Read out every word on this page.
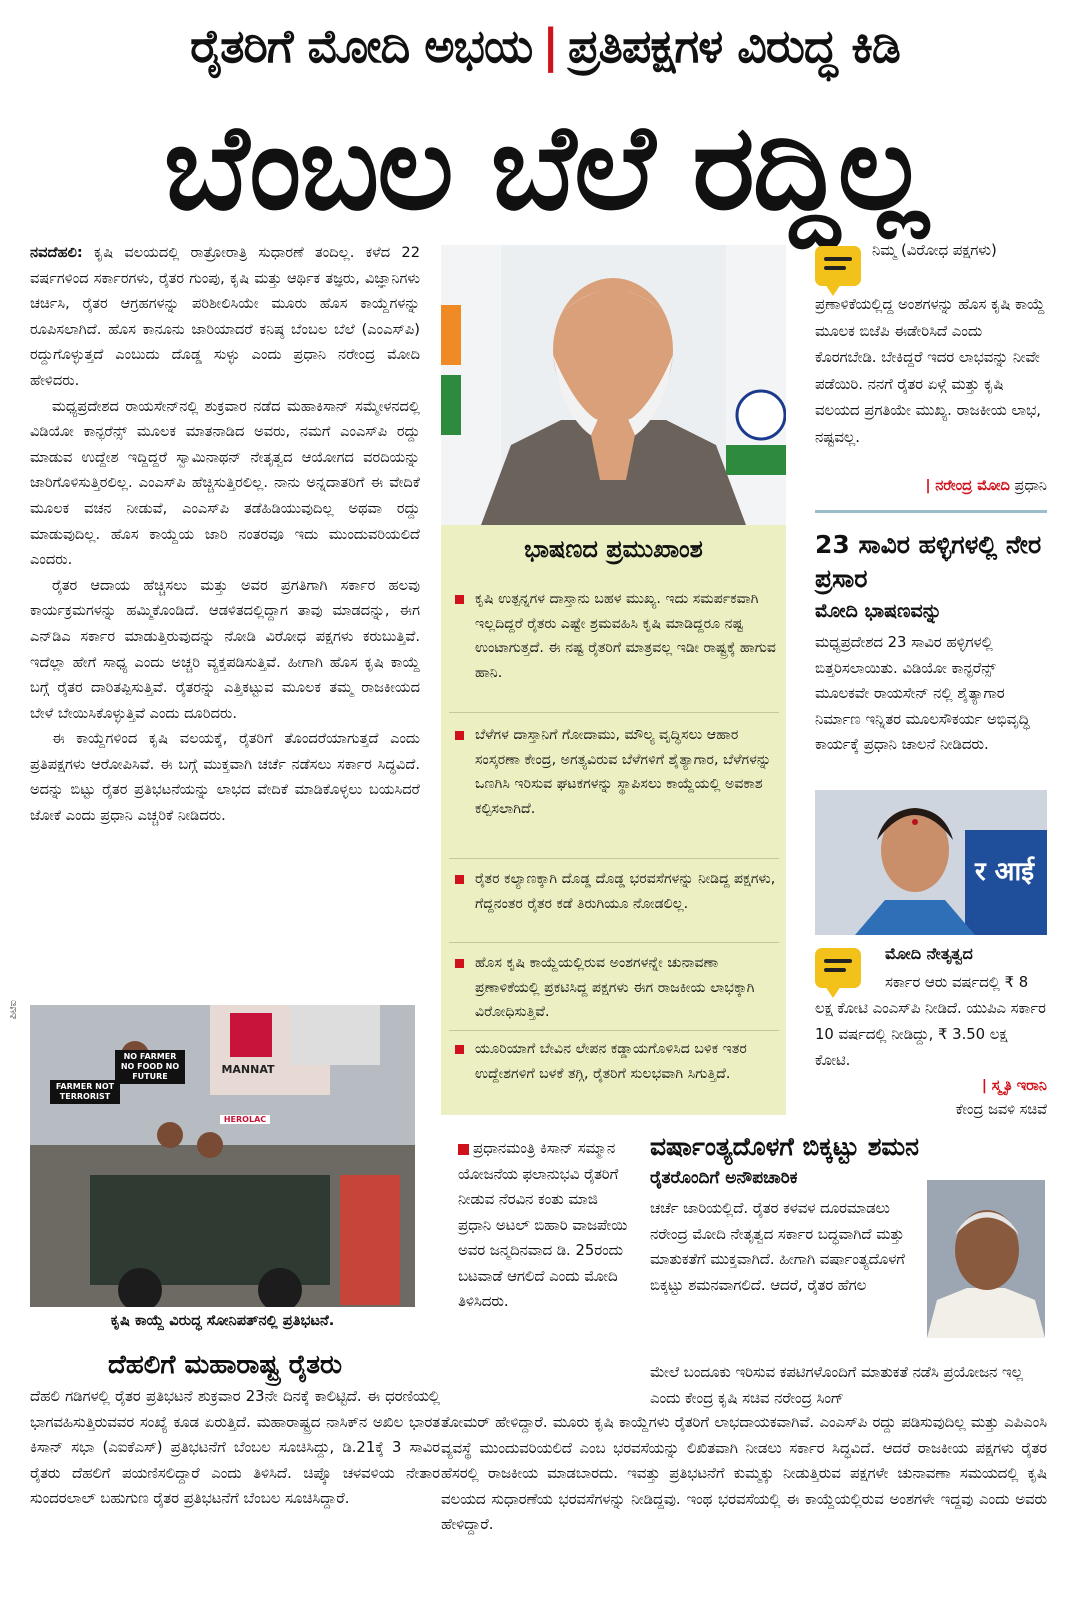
ರೈತರಿಗೆ ಮೋದಿ ಅಭಯ | ಪ್ರತಿಪಕ್ಷಗಳ ವಿರುದ್ಧ ಕಿಡಿ
ಬೆಂಬಲ ಬೆಲೆ ರದ್ದಿಲ್ಲ

ನವದೆಹಲಿ: ಕೃಷಿ ವಲಯದಲ್ಲಿ ರಾತ್ರೋರಾತ್ರಿ ಸುಧಾರಣೆ ತಂದಿಲ್ಲ. ಕಳೆದ 22 ವರ್ಷಗಳಿಂದ ಸರ್ಕಾರಗಳು, ರೈತರ ಗುಂಪು, ಕೃಷಿ ಮತ್ತು ಆರ್ಥಿಕ ತಜ್ಞರು, ವಿಜ್ಞಾನಿಗಳು ಚರ್ಚಿಸಿ, ರೈತರ ಆಗ್ರಹಗಳನ್ನು ಪರಿಶೀಲಿಸಿಯೇ ಮೂರು ಹೊಸ ಕಾಯ್ದೆಗಳನ್ನು ರೂಪಿಸಲಾಗಿದೆ. ಹೊಸ ಕಾನೂನು ಜಾರಿಯಾದರೆ ಕನಿಷ್ಠ ಬೆಂಬಲ ಬೆಲೆ (ಎಂಎಸ್‌ಪಿ) ರದ್ದುಗೊಳ್ಳುತ್ತದೆ ಎಂಬುದು ದೊಡ್ಡ ಸುಳ್ಳು ಎಂದು ಪ್ರಧಾನಿ ನರೇಂದ್ರ ಮೋದಿ ಹೇಳಿದರು.

ಮಧ್ಯಪ್ರದೇಶದ ರಾಯಸೇನ್‌ನಲ್ಲಿ ಶುಕ್ರವಾರ ನಡೆದ ಮಹಾಕಿಸಾನ್ ಸಮ್ಮೇಳನದಲ್ಲಿ ವಿಡಿಯೋ ಕಾನ್ಫರೆನ್ಸ್ ಮೂಲಕ ಮಾತನಾಡಿದ ಅವರು, ನಮಗೆ ಎಂಎಸ್‌ಪಿ ರದ್ದು ಮಾಡುವ ಉದ್ದೇಶ ಇದ್ದಿದ್ದರೆ ಸ್ವಾಮಿನಾಥನ್ ನೇತೃತ್ವದ ಆಯೋಗದ ವರದಿಯನ್ನು ಜಾರಿಗೊಳಿಸುತ್ತಿರಲಿಲ್ಲ. ಎಂಎಸ್‌ಪಿ ಹೆಚ್ಚಿಸುತ್ತಿರಲಿಲ್ಲ. ನಾನು ಅನ್ನದಾತರಿಗೆ ಈ ವೇದಿಕೆ ಮೂಲಕ ವಚನ ನೀಡುವೆ, ಎಂಎಸ್‌ಪಿ ತಡೆಹಿಡಿಯುವುದಿಲ್ಲ ಅಥವಾ ರದ್ದು ಮಾಡುವುದಿಲ್ಲ. ಹೊಸ ಕಾಯ್ದೆಯ ಜಾರಿ ನಂತರವೂ ಇದು ಮುಂದುವರಿಯಲಿದೆ ಎಂದರು.

ರೈತರ ಆದಾಯ ಹೆಚ್ಚಿಸಲು ಮತ್ತು ಅವರ ಪ್ರಗತಿಗಾಗಿ ಸರ್ಕಾರ ಹಲವು ಕಾರ್ಯಕ್ರಮಗಳನ್ನು ಹಮ್ಮಿಕೊಂಡಿದೆ. ಆಡಳಿತದಲ್ಲಿದ್ದಾಗ ತಾವು ಮಾಡದನ್ನು, ಈಗ ಎನ್‌ಡಿಎ ಸರ್ಕಾರ ಮಾಡುತ್ತಿರುವುದನ್ನು ನೋಡಿ ವಿರೋಧ ಪಕ್ಷಗಳು ಕರುಬುತ್ತಿವೆ. ಇದೆಲ್ಲಾ ಹೇಗೆ ಸಾಧ್ಯ ಎಂದು ಅಚ್ಚರಿ ವ್ಯಕ್ತಪಡಿಸುತ್ತಿವೆ. ಹೀಗಾಗಿ ಹೊಸ ಕೃಷಿ ಕಾಯ್ದೆ ಬಗ್ಗೆ ರೈತರ ದಾರಿತಪ್ಪಿಸುತ್ತಿವೆ. ರೈತರನ್ನು ಎತ್ತಿಕಟ್ಟುವ ಮೂಲಕ ತಮ್ಮ ರಾಜಕೀಯದ ಬೇಳೆ ಬೇಯಿಸಿಕೊಳ್ಳುತ್ತಿವೆ ಎಂದು ದೂರಿದರು.

ಈ ಕಾಯ್ದೆಗಳಿಂದ ಕೃಷಿ ವಲಯಕ್ಕೆ, ರೈತರಿಗೆ ತೊಂದರೆಯಾಗುತ್ತದೆ ಎಂದು ಪ್ರತಿಪಕ್ಷಗಳು ಆರೋಪಿಸಿವೆ. ಈ ಬಗ್ಗೆ ಮುಕ್ತವಾಗಿ ಚರ್ಚೆ ನಡೆಸಲು ಸರ್ಕಾರ ಸಿದ್ಧವಿದೆ. ಅದನ್ನು ಬಿಟ್ಟು ರೈತರ ಪ್ರತಿಭಟನೆಯನ್ನು ಲಾಭದ ವೇದಿಕೆ ಮಾಡಿಕೊಳ್ಳಲು ಬಯಸಿದರೆ ಜೋಕೆ ಎಂದು ಪ್ರಧಾನಿ ಎಚ್ಚರಿಕೆ ನೀಡಿದರು.

ಪಿಟಿಐ
NO FARMER NO FOOD NO FUTURE
FARMER NOT TERRORIST
MANNAT
HEROLAC
ಕೃಷಿ ಕಾಯ್ದೆ ವಿರುದ್ಧ ಸೋನಿಪತ್‌ನಲ್ಲಿ ಪ್ರತಿಭಟನೆ.
ದೆಹಲಿಗೆ ಮಹಾರಾಷ್ಟ್ರ ರೈತರು
ದೆಹಲಿ ಗಡಿಗಳಲ್ಲಿ ರೈತರ ಪ್ರತಿಭಟನೆ ಶುಕ್ರವಾರ 23ನೇ ದಿನಕ್ಕೆ ಕಾಲಿಟ್ಟಿದೆ. ಈ ಧರಣಿಯಲ್ಲಿ ಭಾಗವಹಿಸುತ್ತಿರುವವರ ಸಂಖ್ಯೆ ಕೂಡ ಏರುತ್ತಿದೆ. ಮಹಾರಾಷ್ಟ್ರದ ನಾಸಿಕ್‌ನ ಅಖಿಲ ಭಾರತ ಕಿಸಾನ್ ಸಭಾ (ಎಐಕೆಎಸ್) ಪ್ರತಿಭಟನೆಗೆ ಬೆಂಬಲ ಸೂಚಿಸಿದ್ದು, ಡಿ.21ಕ್ಕೆ 3 ಸಾವಿರ ರೈತರು ದೆಹಲಿಗೆ ಪಯಣಿಸಲಿದ್ದಾರೆ ಎಂದು ತಿಳಿಸಿದೆ. ಚಿಪ್ಕೊ ಚಳವಳಿಯ ನೇತಾರ ಸುಂದರಲಾಲ್ ಬಹುಗುಣ ರೈತರ ಪ್ರತಿಭಟನೆಗೆ ಬೆಂಬಲ ಸೂಚಿಸಿದ್ದಾರೆ.
ಭಾಷಣದ ಪ್ರಮುಖಾಂಶ
ಕೃಷಿ ಉತ್ಪನ್ನಗಳ ದಾಸ್ತಾನು ಬಹಳ ಮುಖ್ಯ. ಇದು ಸಮರ್ಪಕವಾಗಿ ಇಲ್ಲದಿದ್ದರೆ ರೈತರು ಎಷ್ಟೇ ಶ್ರಮವಹಿಸಿ ಕೃಷಿ ಮಾಡಿದ್ದರೂ ನಷ್ಟ ಉಂಟಾಗುತ್ತದೆ. ಈ ನಷ್ಟ ರೈತರಿಗೆ ಮಾತ್ರವಲ್ಲ ಇಡೀ ರಾಷ್ಟ್ರಕ್ಕೆ ಹಾಗುವ ಹಾನಿ.
ಬೆಳೆಗಳ ದಾಸ್ತಾನಿಗೆ ಗೋದಾಮು, ಮೌಲ್ಯ ವೃದ್ಧಿಸಲು ಆಹಾರ ಸಂಸ್ಕರಣಾ ಕೇಂದ್ರ, ಅಗತ್ಯವಿರುವ ಬೆಳೆಗಳಿಗೆ ಶೈತ್ಯಾಗಾರ, ಬೆಳೆಗಳನ್ನು ಒಣಗಿಸಿ ಇರಿಸುವ ಘಟಕಗಳನ್ನು ಸ್ಥಾಪಿಸಲು ಕಾಯ್ದೆಯಲ್ಲಿ ಅವಕಾಶ ಕಲ್ಪಿಸಲಾಗಿದೆ.
ರೈತರ ಕಲ್ಯಾಣಕ್ಕಾಗಿ ದೊಡ್ಡ ದೊಡ್ಡ ಭರವಸೆಗಳನ್ನು ನೀಡಿದ್ದ ಪಕ್ಷಗಳು, ಗೆದ್ದನಂತರ ರೈತರ ಕಡೆ ತಿರುಗಿಯೂ ನೋಡಲಿಲ್ಲ.
ಹೊಸ ಕೃಷಿ ಕಾಯ್ದೆಯಲ್ಲಿರುವ ಅಂಶಗಳನ್ನೇ ಚುನಾವಣಾ ಪ್ರಣಾಳಿಕೆಯಲ್ಲಿ ಪ್ರಕಟಿಸಿದ್ದ ಪಕ್ಷಗಳು ಈಗ ರಾಜಕೀಯ ಲಾಭಕ್ಕಾಗಿ ವಿರೋಧಿಸುತ್ತಿವೆ.
ಯೂರಿಯಾಗೆ ಬೇವಿನ ಲೇಪನ ಕಡ್ಡಾಯಗೊಳಿಸಿದ ಬಳಿಕ ಇತರ ಉದ್ದೇಶಗಳಿಗೆ ಬಳಕೆ ತಗ್ಗಿ, ರೈತರಿಗೆ ಸುಲಭವಾಗಿ ಸಿಗುತ್ತಿದೆ.
ಪ್ರಧಾನಮಂತ್ರಿ ಕಿಸಾನ್ ಸಮ್ಮಾನ ಯೋಜನೆಯ ಫಲಾನುಭವಿ ರೈತರಿಗೆ ನೀಡುವ ನೆರವಿನ ಕಂತು ಮಾಜಿ ಪ್ರಧಾನಿ ಅಟಲ್ ಬಿಹಾರಿ ವಾಜಪೇಯಿ ಅವರ ಜನ್ಮದಿನವಾದ ಡಿ. 25ರಂದು ಬಟವಾಡೆ ಆಗಲಿದೆ ಎಂದು ಮೋದಿ ತಿಳಿಸಿದರು.
ನಿಮ್ಮ (ವಿರೋಧ ಪಕ್ಷಗಳು)
ಪ್ರಣಾಳಿಕೆಯಲ್ಲಿದ್ದ ಅಂಶಗಳನ್ನು ಹೊಸ ಕೃಷಿ ಕಾಯ್ದೆ ಮೂಲಕ ಬಿಜೆಪಿ ಈಡೇರಿಸಿದೆ ಎಂದು ಕೊರಗಬೇಡಿ. ಬೇಕಿದ್ದರೆ ಇದರ ಲಾಭವನ್ನು ನೀವೇ ಪಡೆಯಿರಿ. ನನಗೆ ರೈತರ ಏಳ್ಗೆ ಮತ್ತು ಕೃಷಿ ವಲಯದ ಪ್ರಗತಿಯೇ ಮುಖ್ಯ. ರಾಜಕೀಯ ಲಾಭ, ನಷ್ಟವಲ್ಲ.
| ನರೇಂದ್ರ ಮೋದಿ ಪ್ರಧಾನಿ
23 ಸಾವಿರ ಹಳ್ಳಿಗಳಲ್ಲಿ ನೇರ ಪ್ರಸಾರ
ಮೋದಿ ಭಾಷಣವನ್ನು
ಮಧ್ಯಪ್ರದೇಶದ 23 ಸಾವಿರ ಹಳ್ಳಿಗಳಲ್ಲಿ ಬಿತ್ತರಿಸಲಾಯಿತು. ವಿಡಿಯೋ ಕಾನ್ಫರೆನ್ಸ್ ಮೂಲಕವೇ ರಾಯಸೇನ್ ನಲ್ಲಿ ಶೈತ್ಯಾಗಾರ ನಿರ್ಮಾಣ ಇನ್ನಿತರ ಮೂಲಸೌಕರ್ಯ ಅಭಿವೃದ್ಧಿ ಕಾರ್ಯಕ್ಕೆ ಪ್ರಧಾನಿ ಚಾಲನೆ ನೀಡಿದರು.
र आई
ಮೋದಿ ನೇತೃತ್ವದ
ಸರ್ಕಾರ ಆರು ವರ್ಷದಲ್ಲಿ ₹ 8 ಲಕ್ಷ ಕೋಟಿ ಎಂಎಸ್‌ಪಿ ನೀಡಿದೆ. ಯುಪಿಎ ಸರ್ಕಾರ 10 ವರ್ಷದಲ್ಲಿ ನೀಡಿದ್ದು, ₹ 3.50 ಲಕ್ಷ ಕೋಟಿ.
| ಸ್ಮೃತಿ ಇರಾನಿ
ಕೇಂದ್ರ ಜವಳಿ ಸಚಿವೆ
ವರ್ಷಾಂತ್ಯದೊಳಗೆ ಬಿಕ್ಕಟ್ಟು ಶಮನ
ರೈತರೊಂದಿಗೆ ಅನೌಪಚಾರಿಕ
ಚರ್ಚೆ ಜಾರಿಯಲ್ಲಿದೆ. ರೈತರ ಕಳವಳ ದೂರಮಾಡಲು ನರೇಂದ್ರ ಮೋದಿ ನೇತೃತ್ವದ ಸರ್ಕಾರ ಬದ್ಧವಾಗಿದೆ ಮತ್ತು ಮಾತುಕತೆಗೆ ಮುಕ್ತವಾಗಿದೆ. ಹೀಗಾಗಿ ವರ್ಷಾಂತ್ಯದೊಳಗೆ ಬಿಕ್ಕಟ್ಟು ಶಮನವಾಗಲಿದೆ. ಆದರೆ, ರೈತರ ಹೆಗಲ
ಮೇಲೆ ಬಂದೂಕು ಇರಿಸುವ ಕಪಟಿಗಳೊಂದಿಗೆ ಮಾತುಕತೆ ನಡೆಸಿ ಪ್ರಯೋಜನ ಇಲ್ಲ ಎಂದು ಕೇಂದ್ರ ಕೃಷಿ ಸಚಿವ ನರೇಂದ್ರ ಸಿಂಗ್
ತೋಮರ್ ಹೇಳಿದ್ದಾರೆ. ಮೂರು ಕೃಷಿ ಕಾಯ್ದೆಗಳು ರೈತರಿಗೆ ಲಾಭದಾಯಕವಾಗಿವೆ. ಎಂಎಸ್‌ಪಿ ರದ್ದು ಪಡಿಸುವುದಿಲ್ಲ ಮತ್ತು ಎಪಿಎಂಸಿ ವ್ಯವಸ್ಥೆ ಮುಂದುವರಿಯಲಿದೆ ಎಂಬ ಭರವಸೆಯನ್ನು ಲಿಖಿತವಾಗಿ ನೀಡಲು ಸರ್ಕಾರ ಸಿದ್ಧವಿದೆ. ಆದರೆ ರಾಜಕೀಯ ಪಕ್ಷಗಳು ರೈತರ ಹೆಸರಲ್ಲಿ ರಾಜಕೀಯ ಮಾಡಬಾರದು. ಇವತ್ತು ಪ್ರತಿಭಟನೆಗೆ ಕುಮ್ಮಕ್ಕು ನೀಡುತ್ತಿರುವ ಪಕ್ಷಗಳೇ ಚುನಾವಣಾ ಸಮಯದಲ್ಲಿ ಕೃಷಿ ವಲಯದ ಸುಧಾರಣೆಯ ಭರವಸೆಗಳನ್ನು ನೀಡಿದ್ದವು. ಇಂಥ ಭರವಸೆಯಲ್ಲಿ ಈ ಕಾಯ್ದೆಯಲ್ಲಿರುವ ಅಂಶಗಳೇ ಇದ್ದವು ಎಂದು ಅವರು ಹೇಳಿದ್ದಾರೆ.
